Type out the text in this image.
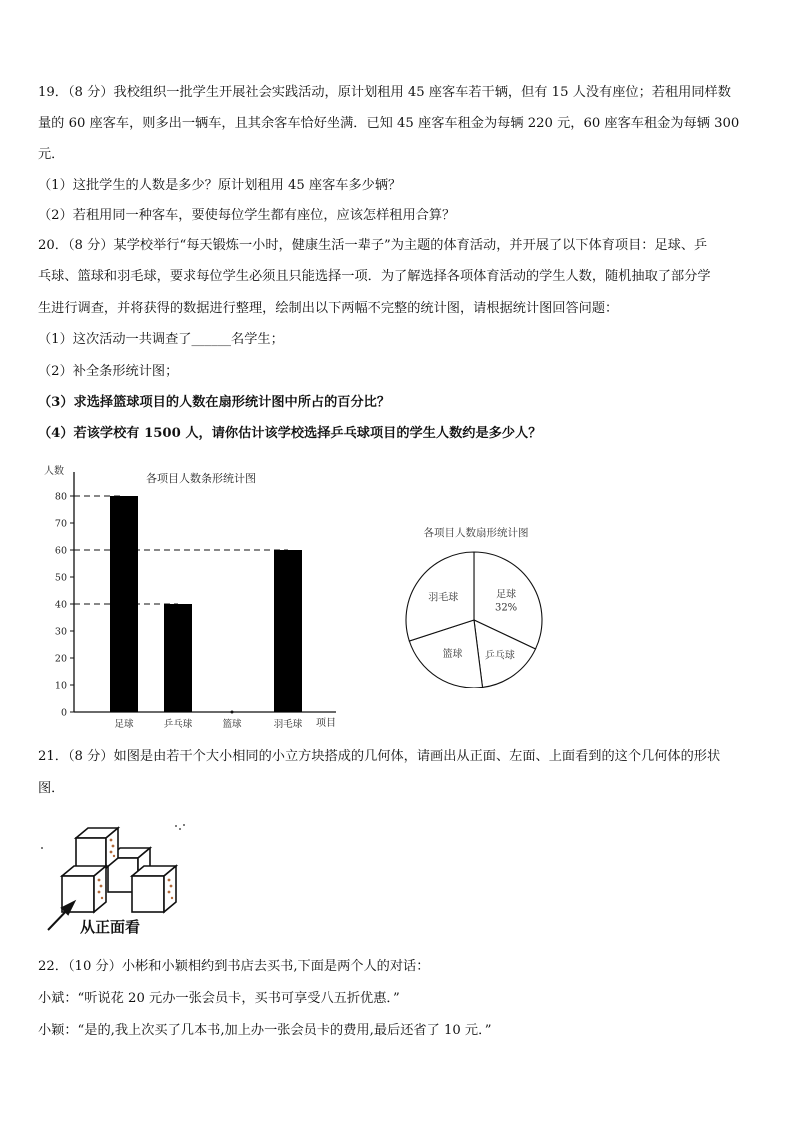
19．（8 分）我校组织一批学生开展社会实践活动，原计划租用 45 座客车若干辆，但有 15 人没有座位；若租用同样数
量的 60 座客车，则多出一辆车，且其余客车恰好坐满．已知 45 座客车租金为每辆 220 元，60 座客车租金为每辆 300
元．
（1）这批学生的人数是多少？原计划租用 45 座客车多少辆？
（2）若租用同一种客车，要使每位学生都有座位，应该怎样租用合算？
20．（8 分）某学校举行“每天锻炼一小时，健康生活一辈子”为主题的体育活动，并开展了以下体育项目：足球、乒
乓球、篮球和羽毛球，要求每位学生必须且只能选择一项．为了解选择各项体育活动的学生人数，随机抽取了部分学
生进行调查，并将获得的数据进行整理，绘制出以下两幅不完整的统计图，请根据统计图回答问题：
（1）这次活动一共调查了______名学生；
（2）补全条形统计图；
（3）求选择篮球项目的人数在扇形统计图中所占的百分比？
（4）若该学校有 1500 人，请你估计该学校选择乒乓球项目的学生人数约是多少人？
人数
各项目人数条形统计图
项目
0
10
20
30
40
50
60
70
80
足球	乒乓球	篮球	羽毛球
各项目人数扇形统计图
足球
32%
乒乓球
篮球
羽毛球
21．（8 分）如图是由若干个大小相同的小立方块搭成的几何体，请画出从正面、左面、上面看到的这个几何体的形状
图．
从正面看
22．（10 分）小彬和小颖相约到书店去买书,下面是两个人的对话：
小斌：“听说花 20 元办一张会员卡，买书可享受八五折优惠．”
小颖：“是的,我上次买了几本书,加上办一张会员卡的费用,最后还省了 10 元．”
